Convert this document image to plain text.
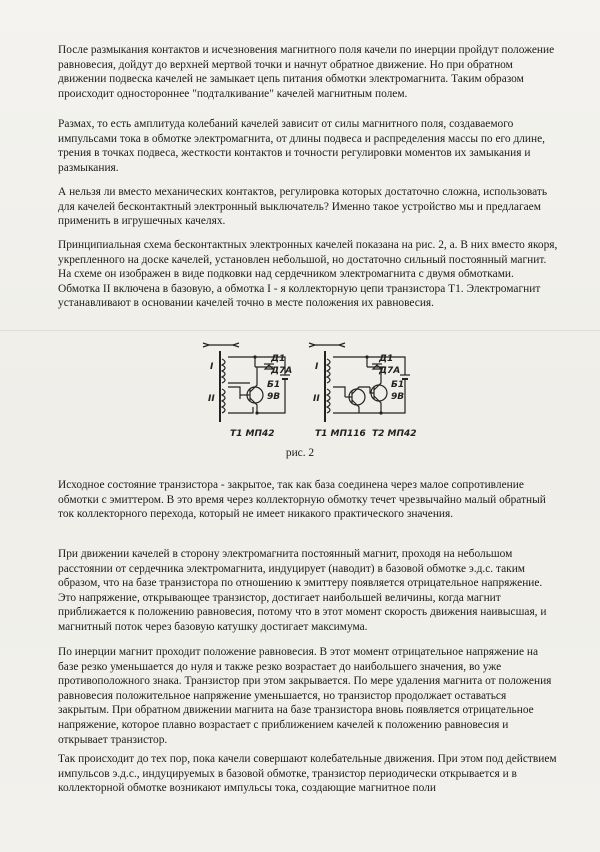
После размыкания контактов и исчезновения магнитного поля качели по инерции пройдут положение равновесия, дойдут до верхней мертвой точки и начнут обратное движение. Но при обратном движении подвеска качелей не замыкает цепь питания обмотки электромагнита. Таким образом происходит одностороннее "подталкивание" качелей магнитным полем.

Размах, то есть амплитуда колебаний качелей зависит от силы магнитного поля, создаваемого импульсами тока в обмотке электромагнита, от длины подвеса и распределения массы по его длине, трения в точках подвеса, жесткости контактов и точности регулировки моментов их замыкания и размыкания.

А нельзя ли вместо механических контактов, регулировка которых достаточно сложна, использовать для качелей бесконтактный электронный выключатель? Именно такое устройство мы и предлагаем применить в игрушечных качелях.

Принципиальная схема бесконтактных электронных качелей показана на рис. 2, а. В них вместо якоря, укрепленного на доске качелей, установлен небольшой, но достаточно сильный постоянный магнит. На схеме он изображен в виде подковки над сердечником электромагнита с двумя обмотками. Обмотка II включена в базовую, а обмотка I - я коллекторную цепи транзистора Т1. Электромагнит устанавливают в основании качелей точно в месте положения их равновесия.

I
II
Д1
Д7А
Б1
9В
Т1 МП42
I
II
Д1
Д7А
Б1
9В
Т1 МП116 Т2 МП42
рис. 2

Исходное состояние транзистора - закрытое, так как база соединена через малое сопротивление обмотки с эмиттером. В это время через коллекторную обмотку течет чрезвычайно малый обратный ток коллекторного перехода, который не имеет никакого практического значения.

При движении качелей в сторону электромагнита постоянный магнит, проходя на небольшом расстоянии от сердечника электромагнита, индуцирует (наводит) в базовой обмотке э.д.с. таким образом, что на базе транзистора по отношению к эмиттеру появляется отрицательное напряжение. Это напряжение, открывающее транзистор, достигает наибольшей величины, когда магнит приближается к положению равновесия, потому что в этот момент скорость движения наивысшая, и магнитный поток через базовую катушку достигает максимума.

По инерции магнит проходит положение равновесия. В этот момент отрицательное напряжение на базе резко уменьшается до нуля и также резко возрастает до наибольшего значения, во уже противоположного знака. Транзистор при этом закрывается. По мере удаления магнита от положения равновесия положительное напряжение уменьшается, но транзистор продолжает оставаться закрытым. При обратном движении магнита на базе транзистора вновь появляется отрицательное напряжение, которое плавно возрастает с приближением качелей к положению равновесия и открывает транзистор.

Так происходит до тех пор, пока качели совершают колебательные движения. При этом под действием импульсов э.д.с., индуцируемых в базовой обмотке, транзистор периодически открывается и в коллекторной обмотке возникают импульсы тока, создающие магнитное поли
